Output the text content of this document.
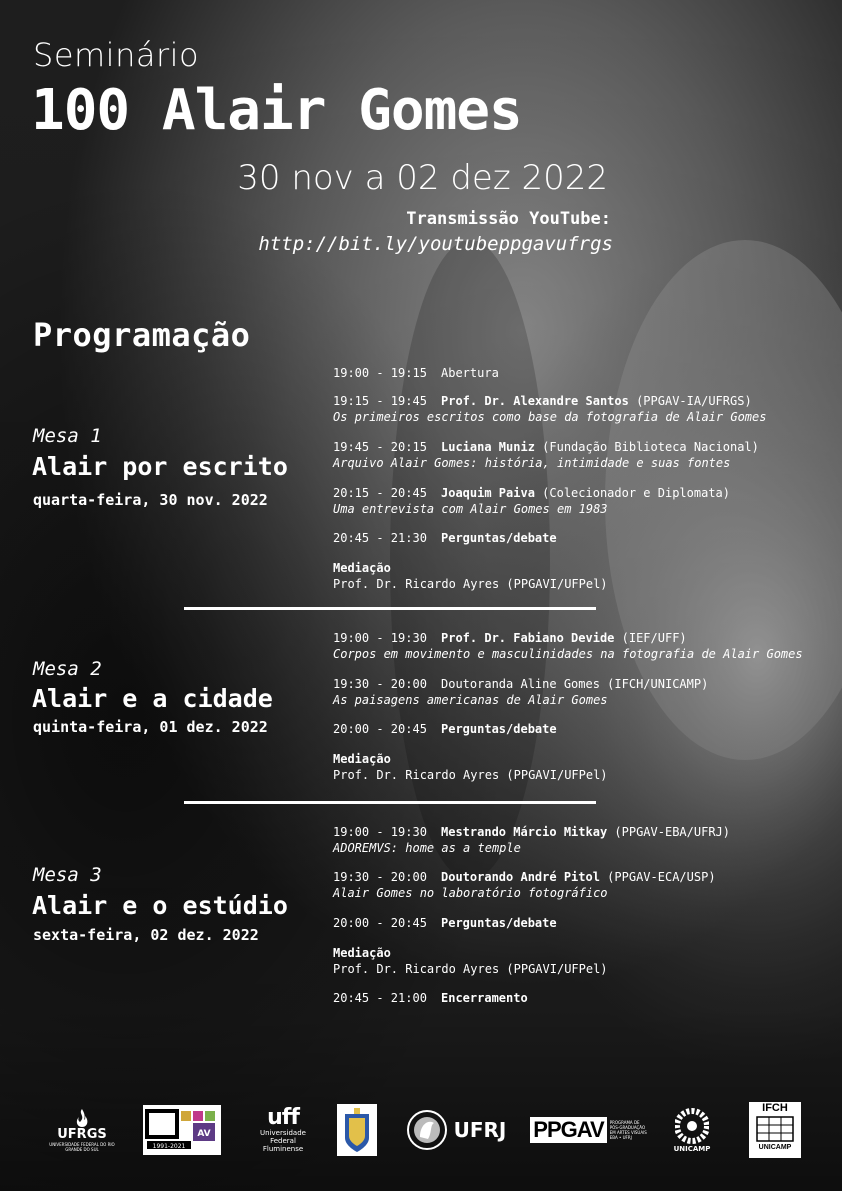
Seminário
100 Alair Gomes
30 nov a 02 dez 2022
Transmissão YouTube:
http://bit.ly/youtubeppgavufrgs
Programação
Mesa 1
Alair por escrito
quarta-feira, 30 nov. 2022

19:00 - 19:15 Abertura

19:15 - 19:45 Prof. Dr. Alexandre Santos (PPGAV-IA/UFRGS)
Os primeiros escritos como base da fotografia de Alair Gomes

19:45 - 20:15 Luciana Muniz (Fundação Biblioteca Nacional)
Arquivo Alair Gomes: história, intimidade e suas fontes

20:15 - 20:45 Joaquim Paiva (Colecionador e Diplomata)
Uma entrevista com Alair Gomes em 1983

20:45 - 21:30 Perguntas/debate

Mediação
Prof. Dr. Ricardo Ayres (PPGAVI/UFPel)

Mesa 2
Alair e a cidade
quinta-feira, 01 dez. 2022

19:00 - 19:30 Prof. Dr. Fabiano Devide (IEF/UFF)
Corpos em movimento e masculinidades na fotografia de Alair Gomes

19:30 - 20:00 Doutoranda Aline Gomes (IFCH/UNICAMP)
As paisagens americanas de Alair Gomes

20:00 - 20:45 Perguntas/debate

Mediação
Prof. Dr. Ricardo Ayres (PPGAVI/UFPel)

Mesa 3
Alair e o estúdio
sexta-feira, 02 dez. 2022

19:00 - 19:30 Mestrando Márcio Mitkay (PPGAV-EBA/UFRJ)
ADOREMVS: home as a temple

19:30 - 20:00 Doutorando André Pitol (PPGAV-ECA/USP)
Alair Gomes no laboratório fotográfico

20:00 - 20:45 Perguntas/debate

Mediação
Prof. Dr. Ricardo Ayres (PPGAVI/UFPel)

20:45 - 21:00 Encerramento

UFRGS
UNIVERSIDADE FEDERAL DO RIO GRANDE DO SUL
AV
1991-2021
uff
Universidade
Federal
Fluminense
UFRJ PPGAV	PROGRAMA DE PÓS-GRADUAÇÃO EM ARTES VISUAIS EBA • UFRJ
UNICAMP
IFCH
UNICAMP
